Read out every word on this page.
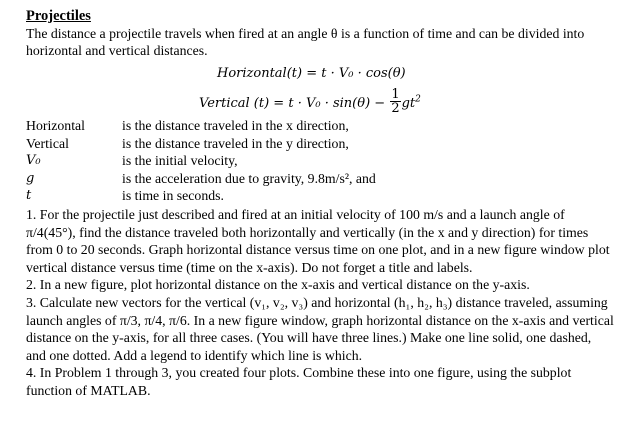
Projectiles
The distance a projectile travels when fired at an angle θ is a function of time and can be divided into horizontal and vertical distances.
Horizontal(t) = t · V₀ · cos(θ)
Vertical $(t) = t \cdot V_0 \cdot \sin(\theta) - \frac{1}{2} gt^2$
Horizontal	is the distance traveled in the x direction,
Vertical	is the distance traveled in the y direction,
V₀	is the initial velocity,
g	is the acceleration due to gravity, 9.8m/s², and
t	is time in seconds.

1. For the projectile just described and fired at an initial velocity of 100 m/s and a launch angle of π/4(45°), find the distance traveled both horizontally and vertically (in the x and y direction) for times from 0 to 20 seconds. Graph horizontal distance versus time on one plot, and in a new figure window plot vertical distance versus time (time on the x-axis). Do not forget a title and labels.

2. In a new figure, plot horizontal distance on the x-axis and vertical distance on the y-axis.

3. Calculate new vectors for the vertical (v₁, v₂, v₃) and horizontal (h₁, h₂, h₃) distance traveled, assuming launch angles of π/3, π/4, π/6. In a new figure window, graph horizontal distance on the x-axis and vertical distance on the y-axis, for all three cases. (You will have three lines.) Make one line solid, one dashed, and one dotted. Add a legend to identify which line is which.

4. In Problem 1 through 3, you created four plots. Combine these into one figure, using the subplot function of MATLAB.
